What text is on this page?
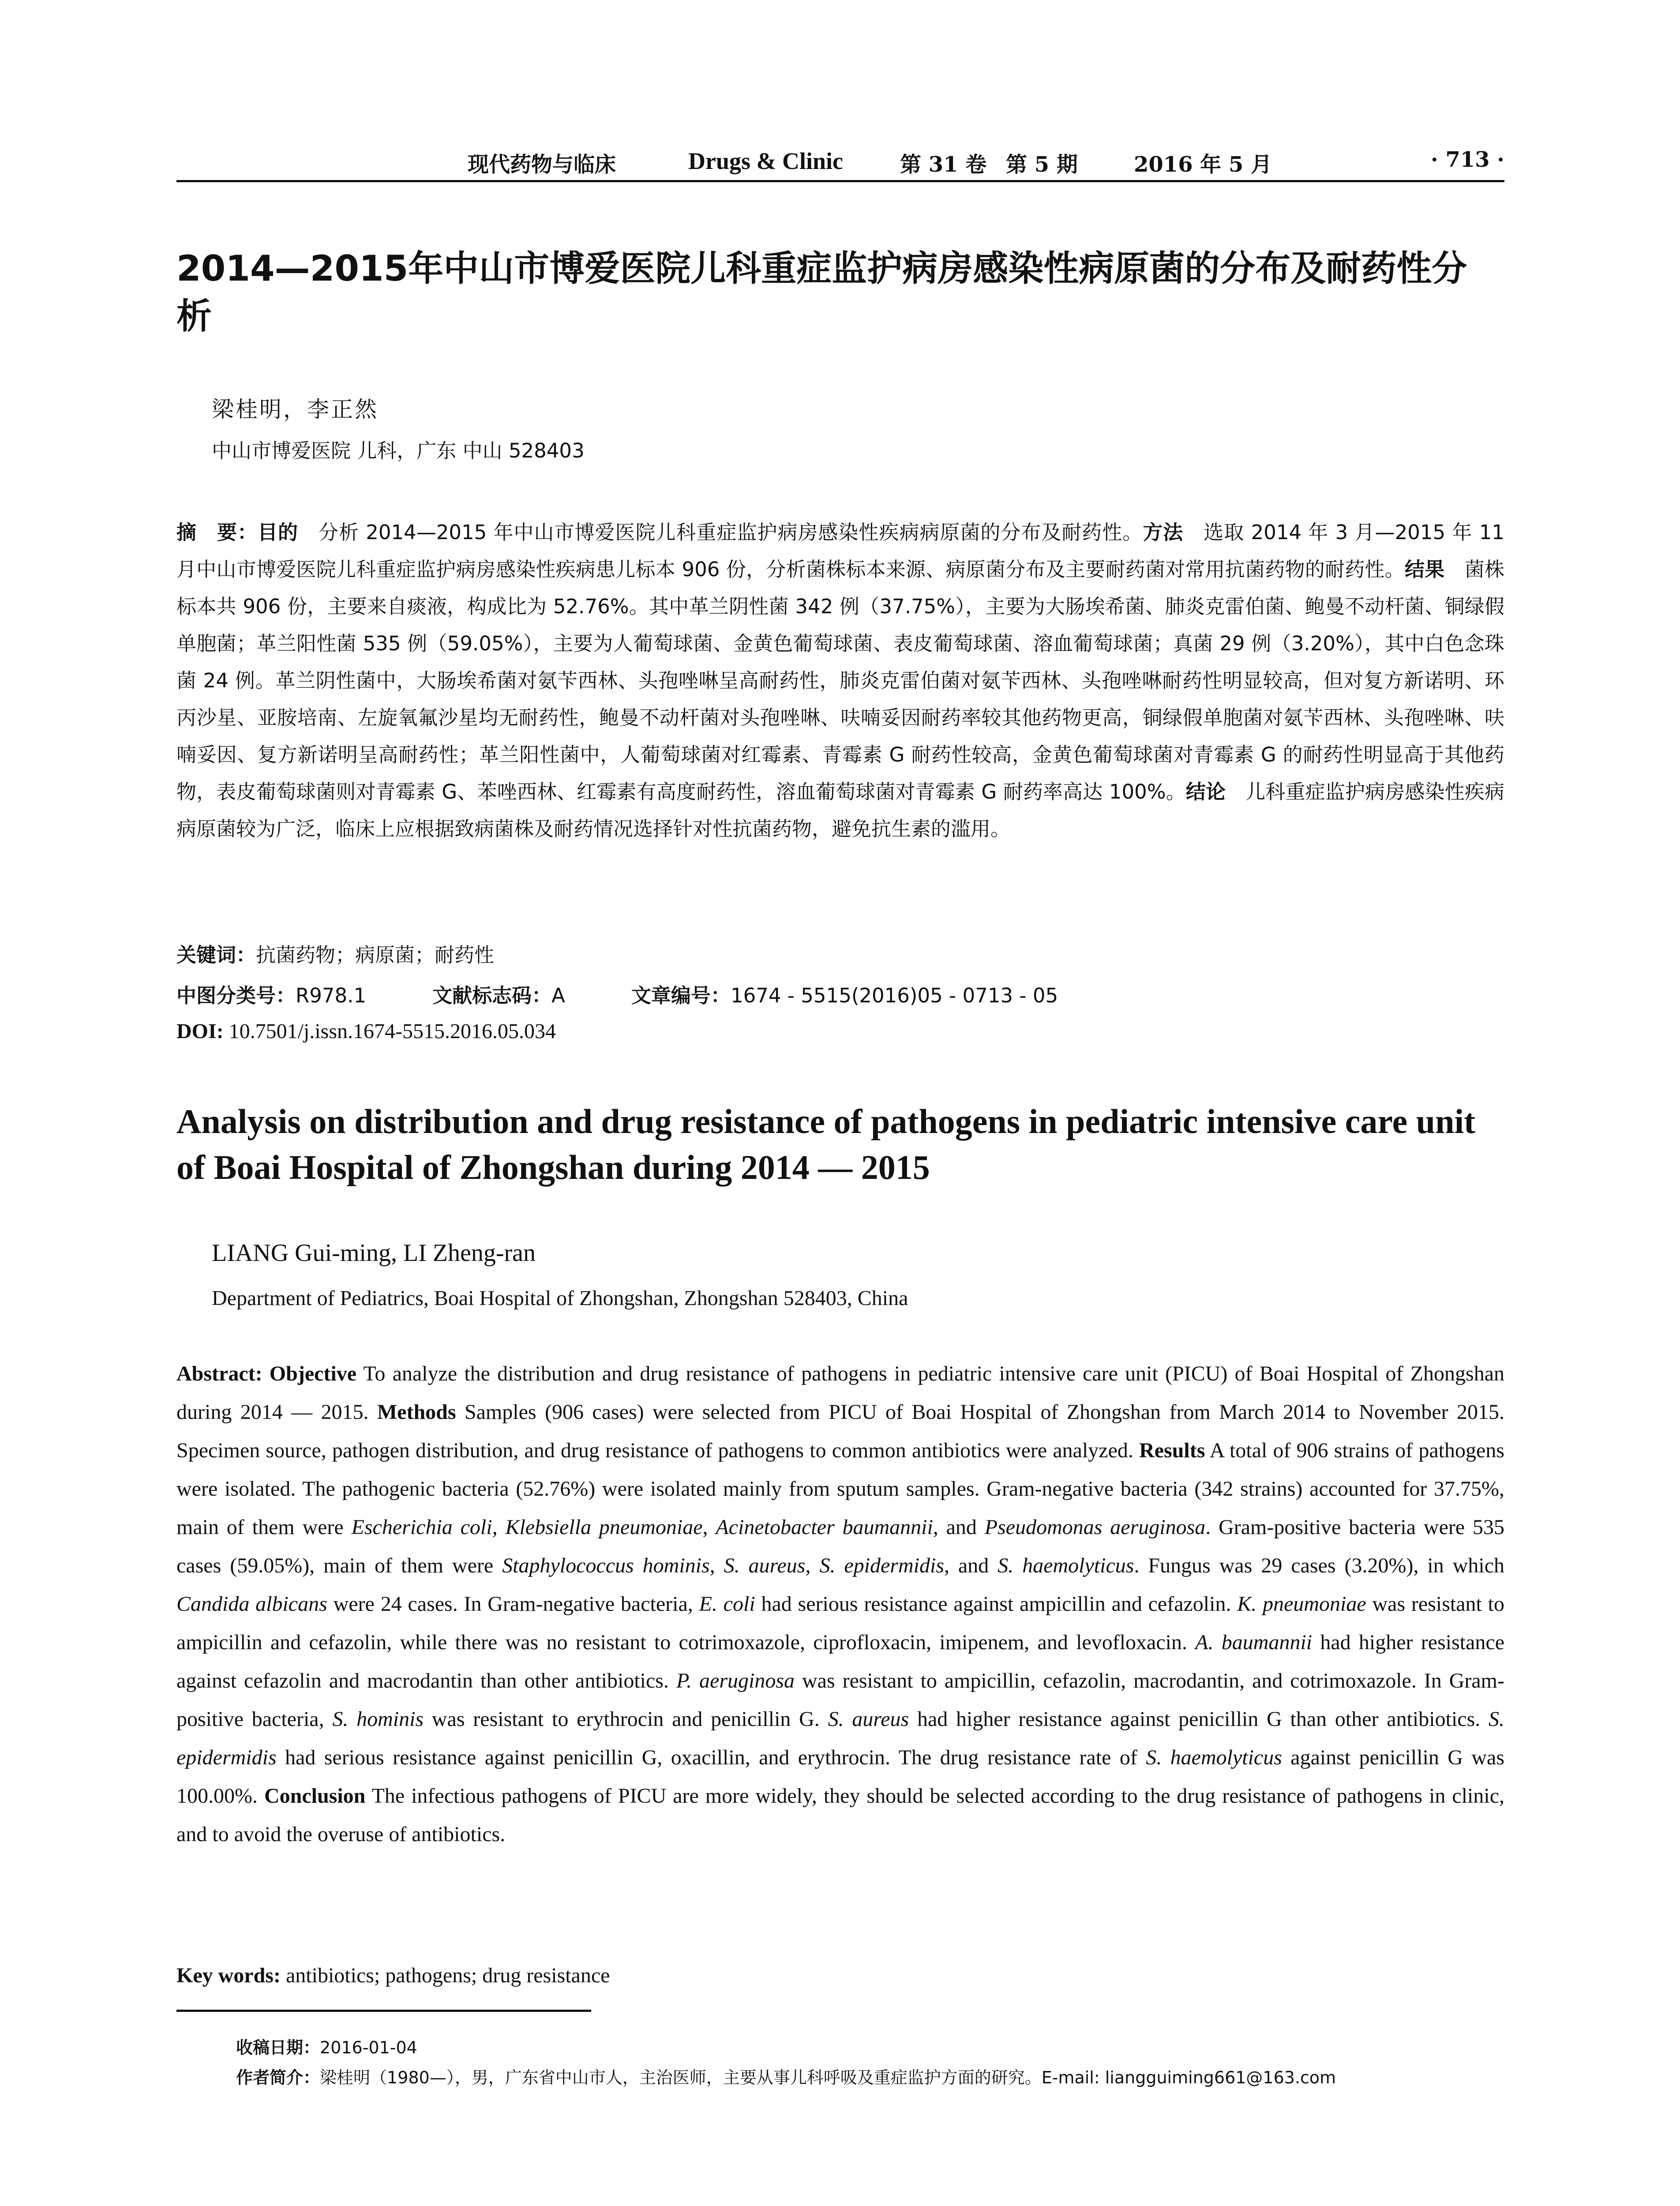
现代药物与临床	Drugs & Clinic	第 31 卷 第 5 期	2016 年 5 月	· 713 ·
2014—2015年中山市博爱医院儿科重症监护病房感染性病原菌的分布及耐药性分析
梁桂明，李正然
中山市博爱医院 儿科，广东 中山 528403
摘　要：目的　分析 2014—2015 年中山市博爱医院儿科重症监护病房感染性疾病病原菌的分布及耐药性。方法　选取 2014 年 3 月—2015 年 11 月中山市博爱医院儿科重症监护病房感染性疾病患儿标本 906 份，分析菌株标本来源、病原菌分布及主要耐药菌对常用抗菌药物的耐药性。结果　菌株标本共 906 份，主要来自痰液，构成比为 52.76%。其中革兰阴性菌 342 例（37.75%），主要为大肠埃希菌、肺炎克雷伯菌、鲍曼不动杆菌、铜绿假单胞菌；革兰阳性菌 535 例（59.05%），主要为人葡萄球菌、金黄色葡萄球菌、表皮葡萄球菌、溶血葡萄球菌；真菌 29 例（3.20%），其中白色念珠菌 24 例。革兰阴性菌中，大肠埃希菌对氨苄西林、头孢唑啉呈高耐药性，肺炎克雷伯菌对氨苄西林、头孢唑啉耐药性明显较高，但对复方新诺明、环丙沙星、亚胺培南、左旋氧氟沙星均无耐药性，鲍曼不动杆菌对头孢唑啉、呋喃妥因耐药率较其他药物更高，铜绿假单胞菌对氨苄西林、头孢唑啉、呋喃妥因、复方新诺明呈高耐药性；革兰阳性菌中，人葡萄球菌对红霉素、青霉素 G 耐药性较高，金黄色葡萄球菌对青霉素 G 的耐药性明显高于其他药物，表皮葡萄球菌则对青霉素 G、苯唑西林、红霉素有高度耐药性，溶血葡萄球菌对青霉素 G 耐药率高达 100%。结论　儿科重症监护病房感染性疾病病原菌较为广泛，临床上应根据致病菌株及耐药情况选择针对性抗菌药物，避免抗生素的滥用。
关键词：抗菌药物；病原菌；耐药性
中图分类号：R978.1	文献标志码：A	文章编号：1674 - 5515(2016)05 - 0713 - 05
DOI: 10.7501/j.issn.1674-5515.2016.05.034
Analysis on distribution and drug resistance of pathogens in pediatric intensive care unit of Boai Hospital of Zhongshan during 2014 — 2015
LIANG Gui-ming, LI Zheng-ran
Department of Pediatrics, Boai Hospital of Zhongshan, Zhongshan 528403, China
Abstract: Objective To analyze the distribution and drug resistance of pathogens in pediatric intensive care unit (PICU) of Boai Hospital of Zhongshan during 2014 — 2015. Methods Samples (906 cases) were selected from PICU of Boai Hospital of Zhongshan from March 2014 to November 2015. Specimen source, pathogen distribution, and drug resistance of pathogens to common antibiotics were analyzed. Results A total of 906 strains of pathogens were isolated. The pathogenic bacteria (52.76%) were isolated mainly from sputum samples. Gram-negative bacteria (342 strains) accounted for 37.75%, main of them were Escherichia coli, Klebsiella pneumoniae, Acinetobacter baumannii, and Pseudomonas aeruginosa. Gram-positive bacteria were 535 cases (59.05%), main of them were Staphylococcus hominis, S. aureus, S. epidermidis, and S. haemolyticus. Fungus was 29 cases (3.20%), in which Candida albicans were 24 cases. In Gram-negative bacteria, E. coli had serious resistance against ampicillin and cefazolin. K. pneumoniae was resistant to ampicillin and cefazolin, while there was no resistant to cotrimoxazole, ciprofloxacin, imipenem, and levofloxacin. A. baumannii had higher resistance against cefazolin and macrodantin than other antibiotics. P. aeruginosa was resistant to ampicillin, cefazolin, macrodantin, and cotrimoxazole. In Gram-positive bacteria, S. hominis was resistant to erythrocin and penicillin G. S. aureus had higher resistance against penicillin G than other antibiotics. S. epidermidis had serious resistance against penicillin G, oxacillin, and erythrocin. The drug resistance rate of S. haemolyticus against penicillin G was 100.00%. Conclusion The infectious pathogens of PICU are more widely, they should be selected according to the drug resistance of pathogens in clinic, and to avoid the overuse of antibiotics.
Key words: antibiotics; pathogens; drug resistance
收稿日期：2016-01-04
作者简介：梁桂明（1980—），男，广东省中山市人，主治医师，主要从事儿科呼吸及重症监护方面的研究。E-mail: liangguiming661@163.com
